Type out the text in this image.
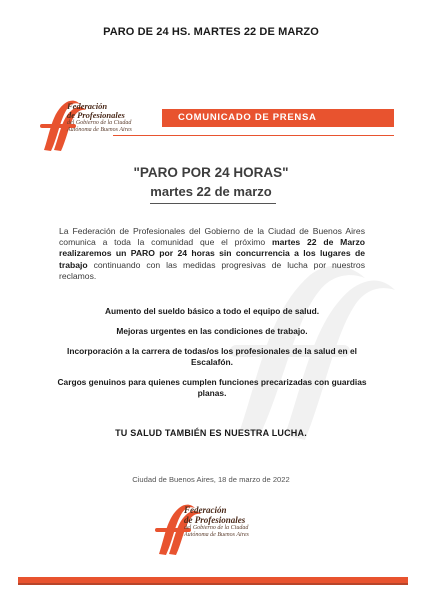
PARO DE 24 HS. MARTES 22 DE MARZO
Federación
de Profesionales
del Gobierno de la Ciudad
Autónoma de Buenos Aires
COMUNICADO DE PRENSA
"PARO POR 24 HORAS"
martes 22 de marzo
La Federación de Profesionales del Gobierno de la Ciudad de Buenos Aires comunica a toda la comunidad que el próximo martes 22 de Marzo realizaremos un PARO por 24 horas sin concurrencia a los lugares de trabajo continuando con las medidas progresivas de lucha por nuestros reclamos.
Aumento del sueldo básico a todo el equipo de salud.
Mejoras urgentes en las condiciones de trabajo.
Incorporación a la carrera de todas/os los profesionales de la salud en el Escalafón.
Cargos genuinos para quienes cumplen funciones precarizadas con guardias planas.
TU SALUD TAMBIÉN ES NUESTRA LUCHA.
Ciudad de Buenos Aires, 18 de marzo de 2022
Federación
de Profesionales
del Gobierno de la Ciudad
Autónoma de Buenos Aires
